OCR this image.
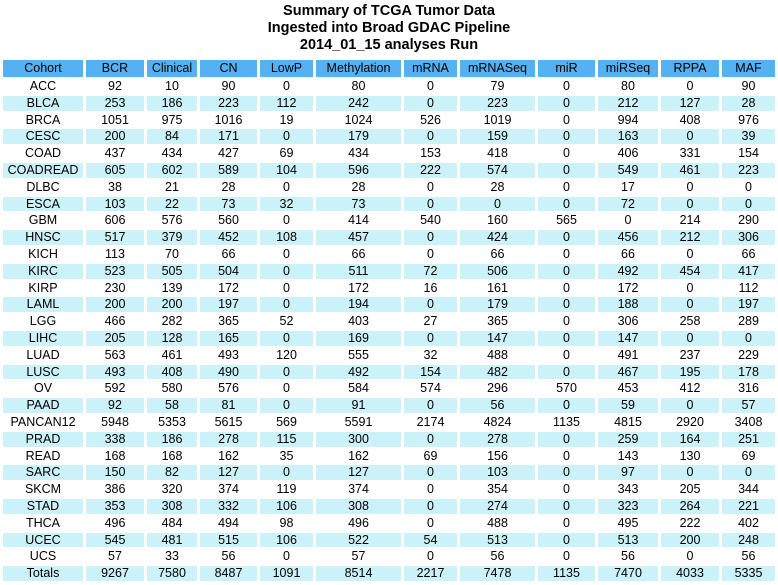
Summary of TCGA Tumor Data
Ingested into Broad GDAC Pipeline
2014_01_15 analyses Run
Cohort	BCR	Clinical	CN	LowP	Methylation	mRNA	mRNASeq	miR	miRSeq	RPPA	MAF
ACC	92	10	90	0	80	0	79	0	80	0	90
BLCA	253	186	223	112	242	0	223	0	212	127	28
BRCA	1051	975	1016	19	1024	526	1019	0	994	408	976
CESC	200	84	171	0	179	0	159	0	163	0	39
COAD	437	434	427	69	434	153	418	0	406	331	154
COADREAD	605	602	589	104	596	222	574	0	549	461	223
DLBC	38	21	28	0	28	0	28	0	17	0	0
ESCA	103	22	73	32	73	0	0	0	72	0	0
GBM	606	576	560	0	414	540	160	565	0	214	290
HNSC	517	379	452	108	457	0	424	0	456	212	306
KICH	113	70	66	0	66	0	66	0	66	0	66
KIRC	523	505	504	0	511	72	506	0	492	454	417
KIRP	230	139	172	0	172	16	161	0	172	0	112
LAML	200	200	197	0	194	0	179	0	188	0	197
LGG	466	282	365	52	403	27	365	0	306	258	289
LIHC	205	128	165	0	169	0	147	0	147	0	0
LUAD	563	461	493	120	555	32	488	0	491	237	229
LUSC	493	408	490	0	492	154	482	0	467	195	178
OV	592	580	576	0	584	574	296	570	453	412	316
PAAD	92	58	81	0	91	0	56	0	59	0	57
PANCAN12	5948	5353	5615	569	5591	2174	4824	1135	4815	2920	3408
PRAD	338	186	278	115	300	0	278	0	259	164	251
READ	168	168	162	35	162	69	156	0	143	130	69
SARC	150	82	127	0	127	0	103	0	97	0	0
SKCM	386	320	374	119	374	0	354	0	343	205	344
STAD	353	308	332	106	308	0	274	0	323	264	221
THCA	496	484	494	98	496	0	488	0	495	222	402
UCEC	545	481	515	106	522	54	513	0	513	200	248
UCS	57	33	56	0	57	0	56	0	56	0	56
Totals	9267	7580	8487	1091	8514	2217	7478	1135	7470	4033	5335
